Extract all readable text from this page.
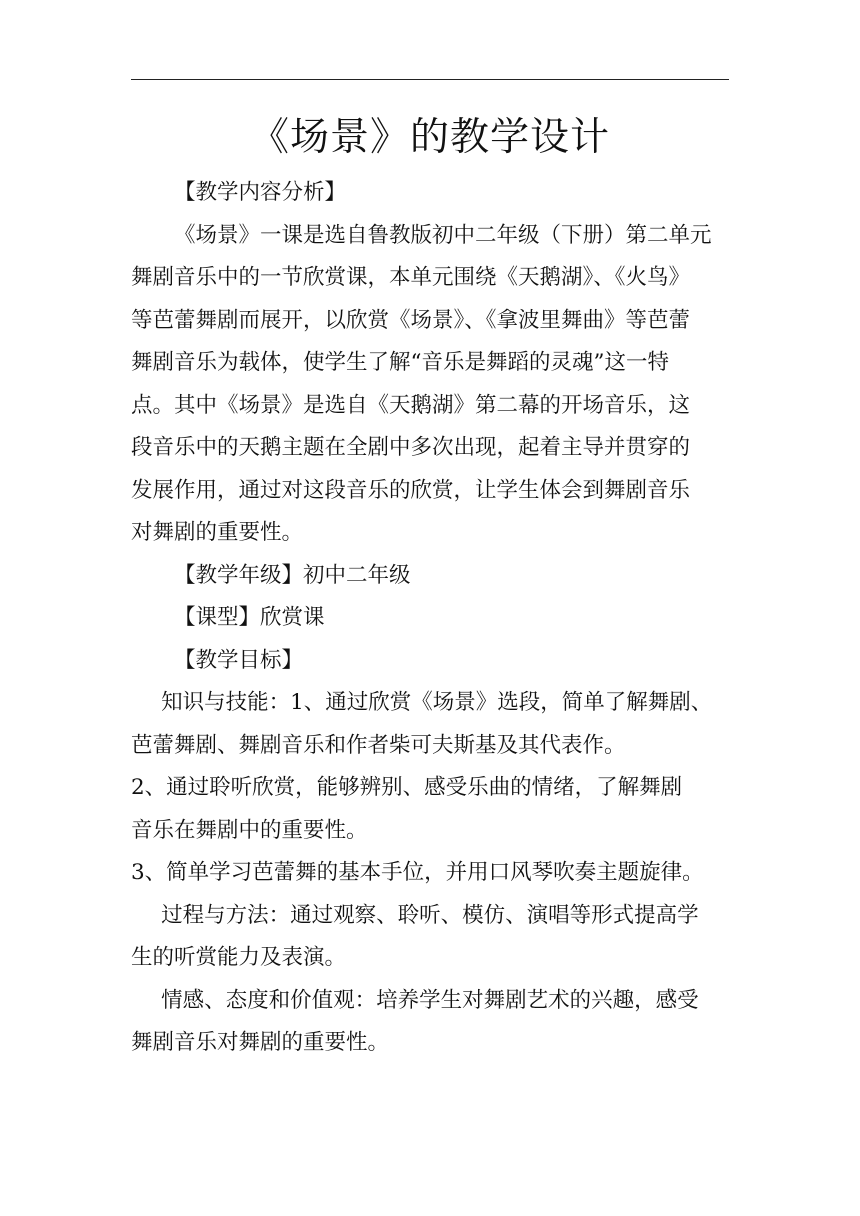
《场景》的教学设计
【教学内容分析】
《场景》一课是选自鲁教版初中二年级（下册）第二单元
舞剧音乐中的一节欣赏课，本单元围绕《天鹅湖》、《火鸟》
等芭蕾舞剧而展开，以欣赏《场景》、《拿波里舞曲》等芭蕾
舞剧音乐为载体，使学生了解“音乐是舞蹈的灵魂”这一特
点。其中《场景》是选自《天鹅湖》第二幕的开场音乐，这
段音乐中的天鹅主题在全剧中多次出现，起着主导并贯穿的
发展作用，通过对这段音乐的欣赏，让学生体会到舞剧音乐
对舞剧的重要性。
【教学年级】初中二年级
【课型】欣赏课
【教学目标】
知识与技能：1、通过欣赏《场景》选段，简单了解舞剧、
芭蕾舞剧、舞剧音乐和作者柴可夫斯基及其代表作。
2、通过聆听欣赏，能够辨别、感受乐曲的情绪，了解舞剧
音乐在舞剧中的重要性。
3、简单学习芭蕾舞的基本手位，并用口风琴吹奏主题旋律。
过程与方法：通过观察、聆听、模仿、演唱等形式提高学
生的听赏能力及表演。
情感、态度和价值观：培养学生对舞剧艺术的兴趣，感受
舞剧音乐对舞剧的重要性。
